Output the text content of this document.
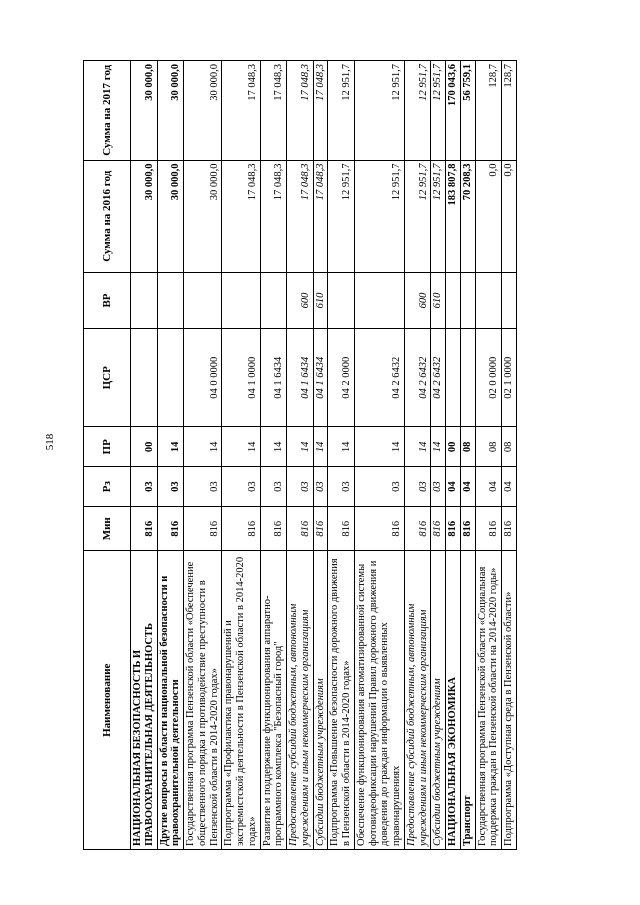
518
Наименование	Мин	Рз	ПР	ЦСР	ВР	Сумма на 2016 год	Сумма на 2017 год
НАЦИОНАЛЬНАЯ БЕЗОПАСНОСТЬ И ПРАВООХРАНИТЕЛЬНАЯ ДЕЯТЕЛЬНОСТЬ	816	03	00			30 000,0	30 000,0
Другие вопросы в области национальной безопасности и правоохранительной деятельности	816	03	14			30 000,0	30 000,0
Государственная программа Пензенской области «Обеспечение общественного порядка и противодействие преступности в Пензенской области в 2014-2020 годах»	816	03	14	04 0 0000		30 000,0	30 000,0
Подпрограмма «Профилактика правонарушений и экстремистской деятельности в Пензенской области в 2014-2020 годах»	816	03	14	04 1 0000		17 048,3	17 048,3
Развитие и поддержание функционирования аппаратно-программного комплекса "Безопасный город"	816	03	14	04 1 6434		17 048,3	17 048,3
Предоставление субсидий бюджетным, автономным учреждениям и иным некоммерческим организациям	816	03	14	04 1 6434	600	17 048,3	17 048,3
Субсидии бюджетным учреждениям	816	03	14	04 1 6434	610	17 048,3	17 048,3
Подпрограмма «Повышение безопасности дорожного движения в Пензенской области в 2014-2020 годах»	816	03	14	04 2 0000		12 951,7	12 951,7
Обеспечение функционирования автоматизированной системы фотовидеофиксации нарушений Правил дорожного движения и доведения до граждан информации о выявленных правонарушениях	816	03	14	04 2 6432		12 951,7	12 951,7
Предоставление субсидий бюджетным, автономным учреждениям и иным некоммерческим организациям	816	03	14	04 2 6432	600	12 951,7	12 951,7
Субсидии бюджетным учреждениям	816	03	14	04 2 6432	610	12 951,7	12 951,7
НАЦИОНАЛЬНАЯ ЭКОНОМИКА	816	04	00			183 807,8	170 043,6
Транспорт	816	04	08			70 208,3	56 759,1
Государственная программа Пензенской области «Социальная поддержка граждан в Пензенской области на 2014-2020 годы»	816	04	08	02 0 0000		0,0	128,7
Подпрограмма «Доступная среда в Пензенской области»	816	04	08	02 1 0000		0,0	128,7
